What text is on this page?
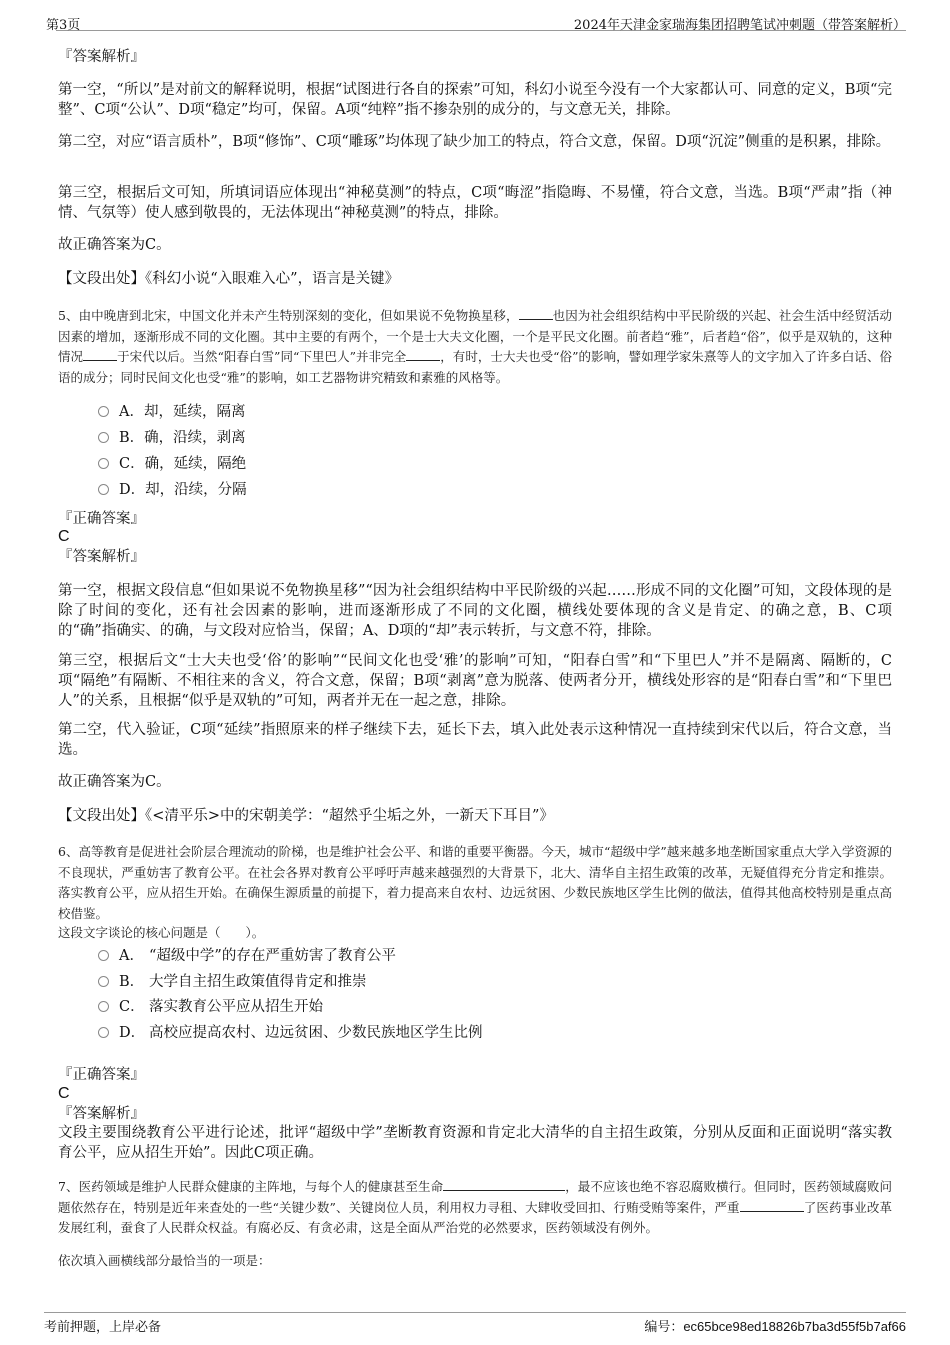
第3页	2024年天津金家瑞海集团招聘笔试冲刺题（带答案解析）
『答案解析』
第一空，“所以”是对前文的解释说明，根据“试图进行各自的探索”可知，科幻小说至今没有一个大家都认可、同意的定义，B项“完整”、C项“公认”、D项“稳定”均可，保留。A项“纯粹”指不掺杂别的成分的，与文意无关，排除。
第二空，对应“语言质朴”，B项“修饰”、C项“雕琢”均体现了缺少加工的特点，符合文意，保留。D项“沉淀”侧重的是积累，排除。
第三空，根据后文可知，所填词语应体现出“神秘莫测”的特点，C项“晦涩”指隐晦、不易懂，符合文意，当选。B项“严肃”指（神情、气氛等）使人感到敬畏的，无法体现出“神秘莫测”的特点，排除。
故正确答案为C。
【文段出处】《科幻小说“入眼难入心”，语言是关键》
5、由中晚唐到北宋，中国文化并未产生特别深刻的变化，但如果说不免物换星移，	也因为社会组织结构中平民阶级的兴起、社会生活中经贸活动因素的增加，逐渐形成不同的文化圈。其中主要的有两个，一个是士大夫文化圈，一个是平民文化圈。前者趋“雅”，后者趋“俗”，似乎是双轨的，这种情况	于宋代以后。当然“阳春白雪”同“下里巴人”并非完全	，有时，士大夫也受“俗”的影响，譬如理学家朱熹等人的文字加入了许多白话、俗语的成分；同时民间文化也受“雅”的影响，如工艺器物讲究精致和素雅的风格等。
A．却，延续，隔离
B．确，沿续，剥离
C．确，延续，隔绝
D．却，沿续，分隔
『正确答案』
C
『答案解析』
第一空，根据文段信息“但如果说不免物换星移”“因为社会组织结构中平民阶级的兴起……形成不同的文化圈”可知，文段体现的是除了时间的变化，还有社会因素的影响，进而逐渐形成了不同的文化圈，横线处要体现的含义是肯定、的确之意，B、C项的“确”指确实、的确，与文段对应恰当，保留；A、D项的“却”表示转折，与文意不符，排除。
第三空，根据后文“士大夫也受‘俗’的影响”“民间文化也受‘雅’的影响”可知，“阳春白雪”和“下里巴人”并不是隔离、隔断的，C项“隔绝”有隔断、不相往来的含义，符合文意，保留；B项“剥离”意为脱落、使两者分开，横线处形容的是“阳春白雪”和“下里巴人”的关系，且根据“似乎是双轨的”可知，两者并无在一起之意，排除。
第二空，代入验证，C项“延续”指照原来的样子继续下去，延长下去，填入此处表示这种情况一直持续到宋代以后，符合文意，当选。
故正确答案为C。
【文段出处】《<清平乐>中的宋朝美学：“超然乎尘垢之外，一新天下耳目”》
6、高等教育是促进社会阶层合理流动的阶梯，也是维护社会公平、和谐的重要平衡器。今天，城市“超级中学”越来越多地垄断国家重点大学入学资源的不良现状，严重妨害了教育公平。在社会各界对教育公平呼吁声越来越强烈的大背景下，北大、清华自主招生政策的改革，无疑值得充分肯定和推崇。落实教育公平，应从招生开始。在确保生源质量的前提下，着力提高来自农村、边远贫困、少数民族地区学生比例的做法，值得其他高校特别是重点高校借鉴。
这段文字谈论的核心问题是（　　）。
A． “超级中学”的存在严重妨害了教育公平
B． 大学自主招生政策值得肯定和推崇
C． 落实教育公平应从招生开始
D． 高校应提高农村、边远贫困、少数民族地区学生比例
『正确答案』
C
『答案解析』
文段主要围绕教育公平进行论述，批评“超级中学”垄断教育资源和肯定北大清华的自主招生政策，分别从反面和正面说明“落实教育公平，应从招生开始”。因此C项正确。
7、医药领域是维护人民群众健康的主阵地，与每个人的健康甚至生命	，最不应该也绝不容忍腐败横行。但同时，医药领域腐败问题依然存在，特别是近年来查处的一些“关键少数”、关键岗位人员，利用权力寻租、大肆收受回扣、行贿受贿等案件，严重	了医药事业改革发展红利，蚕食了人民群众权益。有腐必反、有贪必肃，这是全面从严治党的必然要求，医药领域没有例外。
依次填入画横线部分最恰当的一项是：
考前押题，上岸必备	编号：ec65bce98ed18826b7ba3d55f5b7af66
